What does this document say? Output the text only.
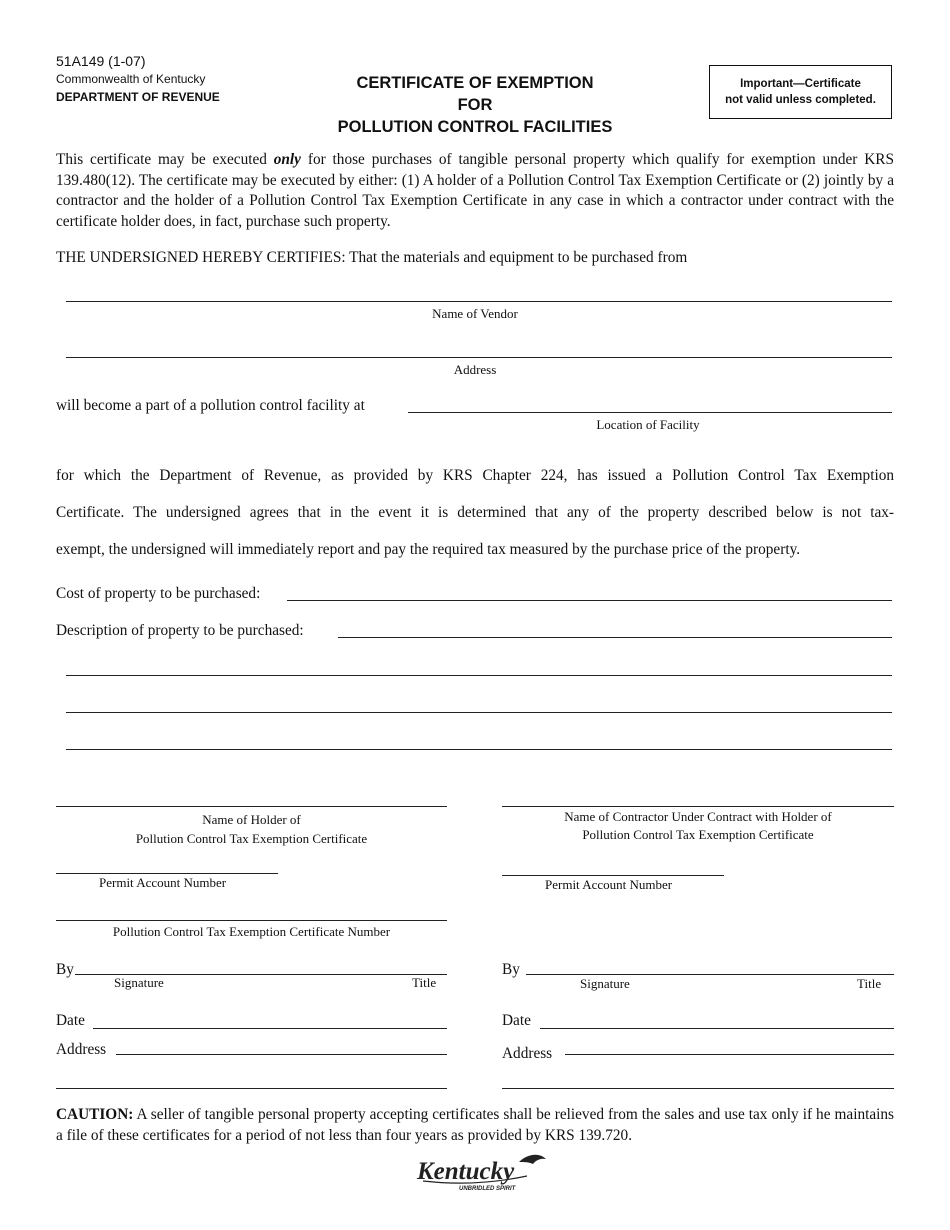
51A149 (1-07)
Commonwealth of Kentucky
DEPARTMENT OF REVENUE
CERTIFICATE OF EXEMPTION
FOR
POLLUTION CONTROL FACILITIES
Important—Certificate
not valid unless completed.
This certificate may be executed only for those purchases of tangible personal property which qualify for exemption under KRS 139.480(12). The certificate may be executed by either: (1) A holder of a Pollution Control Tax Exemption Certificate or (2) jointly by a contractor and the holder of a Pollution Control Tax Exemption Certificate in any case in which a contractor under contract with the certificate holder does, in fact, purchase such property.
THE UNDERSIGNED HEREBY CERTIFIES: That the materials and equipment to be purchased from
Name of Vendor
Address
will become a part of a pollution control facility at
Location of Facility
for which the Department of Revenue, as provided by KRS Chapter 224, has issued a Pollution Control Tax Exemption
Certificate. The undersigned agrees that in the event it is determined that any of the property described below is not tax-
exempt, the undersigned will immediately report and pay the required tax measured by the purchase price of the property.
Cost of property to be purchased:
Description of property to be purchased:
Name of Holder of
Pollution Control Tax Exemption Certificate
Permit Account Number
Pollution Control Tax Exemption Certificate Number
By
Signature	Title
Date
Address
Name of Contractor Under Contract with Holder of
Pollution Control Tax Exemption Certificate
Permit Account Number
By
Signature	Title
Date
Address
CAUTION: A seller of tangible personal property accepting certificates shall be relieved from the sales and use tax only if he maintains a file of these certificates for a period of not less than four years as provided by KRS 139.720.
Kentucky
UNBRIDLED SPIRIT
